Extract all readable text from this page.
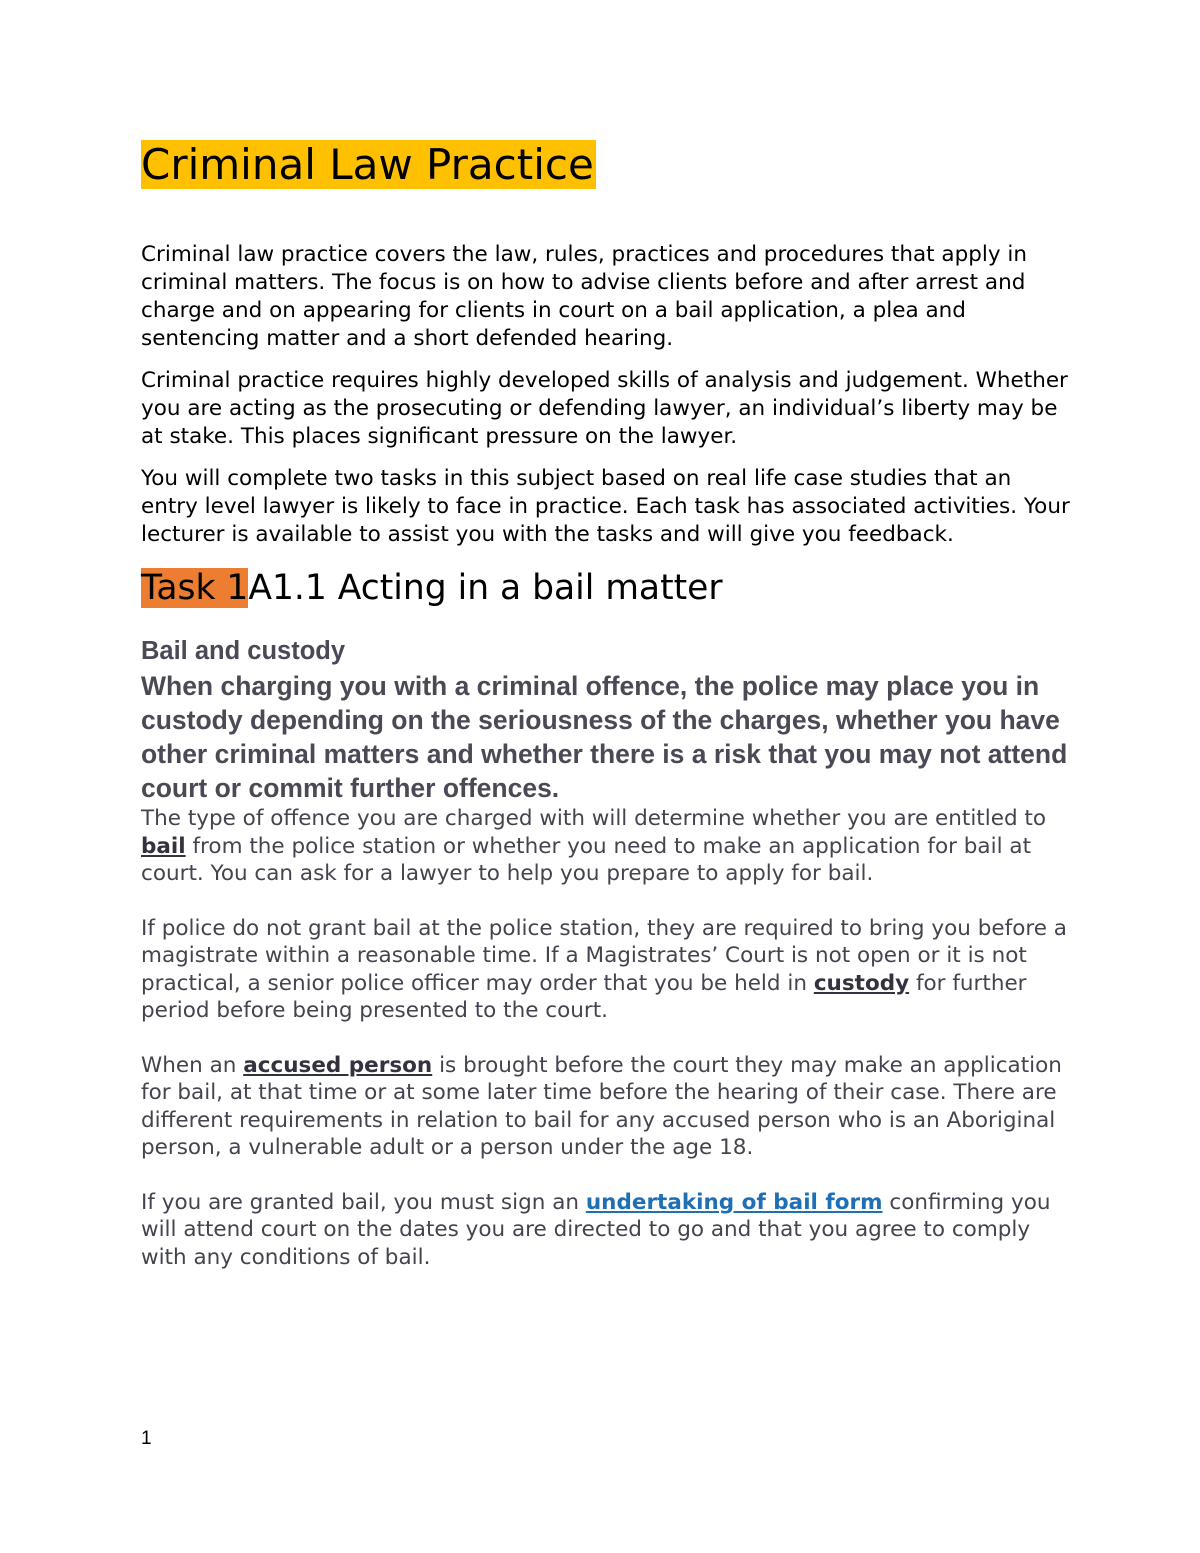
Criminal Law Practice

Criminal law practice covers the law, rules, practices and procedures that apply in criminal matters. The focus is on how to advise clients before and after arrest and charge and on appearing for clients in court on a bail application, a plea and sentencing matter and a short defended hearing.

Criminal practice requires highly developed skills of analysis and judgement. Whether you are acting as the prosecuting or defending lawyer, an individual’s liberty may be at stake. This places significant pressure on the lawyer.

You will complete two tasks in this subject based on real life case studies that an entry level lawyer is likely to face in practice. Each task has associated activities. Your lecturer is available to assist you with the tasks and will give you feedback.

Task 1A1.1 Acting in a bail matter
Bail and custody

When charging you with a criminal offence, the police may place you in custody depending on the seriousness of the charges, whether you have other criminal matters and whether there is a risk that you may not attend court or commit further offences.

The type of offence you are charged with will determine whether you are entitled to bail from the police station or whether you need to make an application for bail at court. You can ask for a lawyer to help you prepare to apply for bail.

If police do not grant bail at the police station, they are required to bring you before a magistrate within a reasonable time. If a Magistrates’ Court is not open or it is not practical, a senior police officer may order that you be held in custody for further period before being presented to the court.

When an accused person is brought before the court they may make an application for bail, at that time or at some later time before the hearing of their case. There are different requirements in relation to bail for any accused person who is an Aboriginal person, a vulnerable adult or a person under the age 18.

If you are granted bail, you must sign an undertaking of bail form confirming you will attend court on the dates you are directed to go and that you agree to comply with any conditions of bail.

1
